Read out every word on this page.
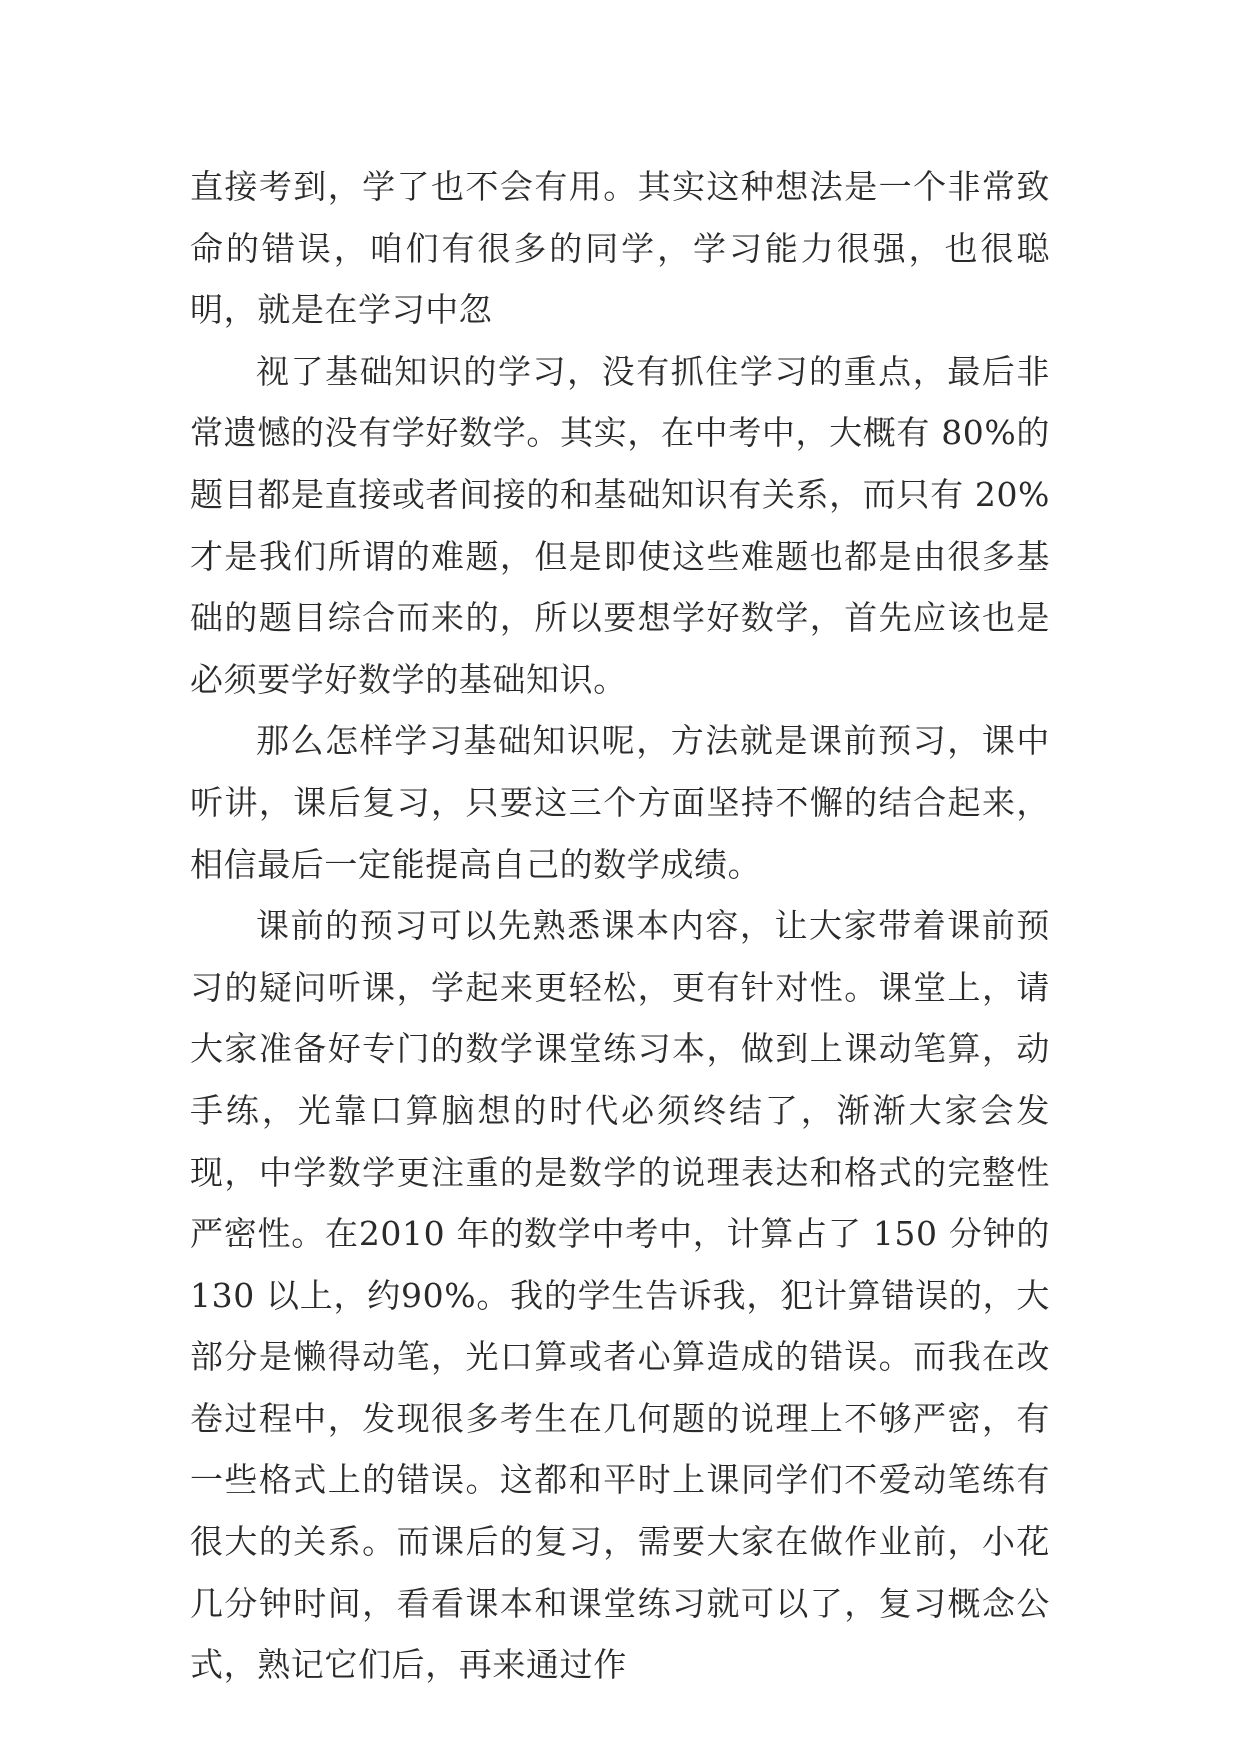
直接考到，学了也不会有用。其实这种想法是一个非常致命的错误，咱们有很多的同学，学习能力很强，也很聪明，就是在学习中忽

视了基础知识的学习，没有抓住学习的重点，最后非常遗憾的没有学好数学。其实，在中考中，大概有 80%的题目都是直接或者间接的和基础知识有关系，而只有 20%才是我们所谓的难题，但是即使这些难题也都是由很多基础的题目综合而来的，所以要想学好数学，首先应该也是必须要学好数学的基础知识。

那么怎样学习基础知识呢，方法就是课前预习，课中听讲，课后复习，只要这三个方面坚持不懈的结合起来，相信最后一定能提高自己的数学成绩。

课前的预习可以先熟悉课本内容，让大家带着课前预习的疑问听课，学起来更轻松，更有针对性。课堂上，请大家准备好专门的数学课堂练习本，做到上课动笔算，动手练，光靠口算脑想的时代必须终结了，渐渐大家会发现，中学数学更注重的是数学的说理表达和格式的完整性严密性。在2010 年的数学中考中，计算占了 150 分钟的 130 以上，约90%。我的学生告诉我，犯计算错误的，大部分是懒得动笔，光口算或者心算造成的错误。而我在改卷过程中，发现很多考生在几何题的说理上不够严密，有一些格式上的错误。这都和平时上课同学们不爱动笔练有很大的关系。而课后的复习，需要大家在做作业前，小花几分钟时间，看看课本和课堂练习就可以了，复习概念公式，熟记它们后，再来通过作
